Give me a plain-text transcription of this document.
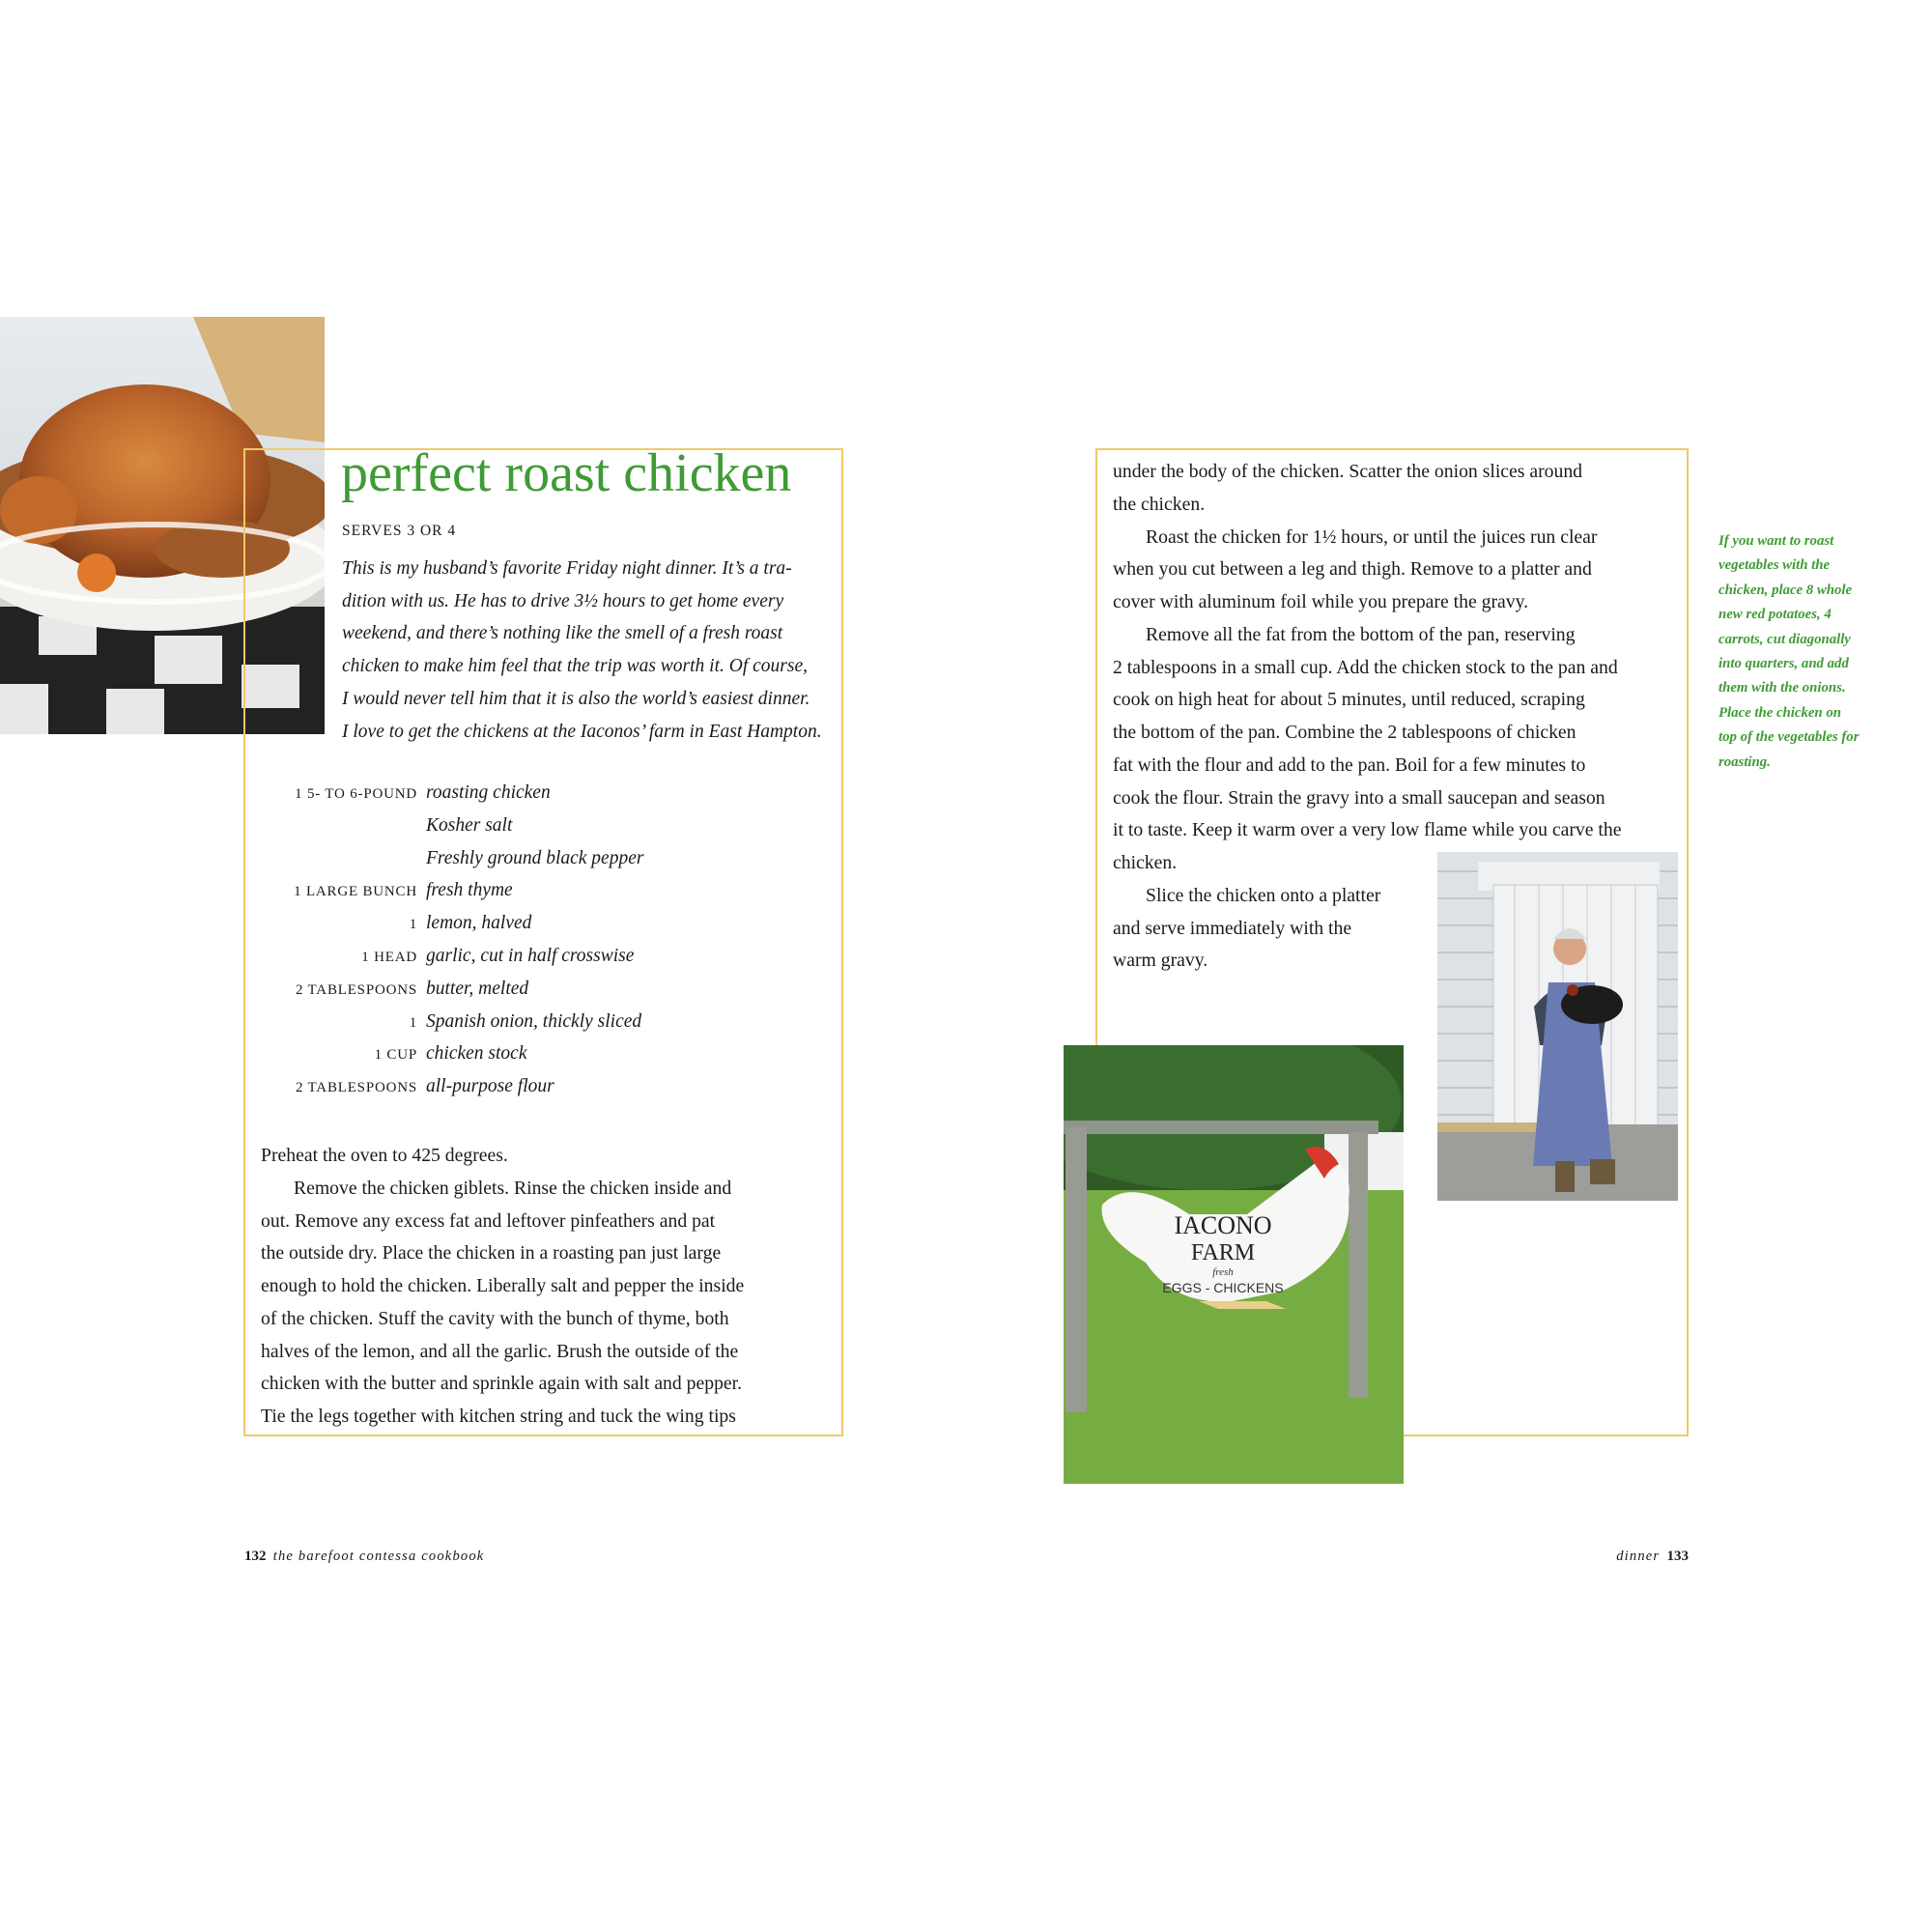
perfect roast chicken
SERVES 3 OR 4
This is my husband’s favorite Friday night dinner. It’s a tra-
dition with us. He has to drive 3½ hours to get home every
weekend, and there’s nothing like the smell of a fresh roast
chicken to make him feel that the trip was worth it. Of course,
I would never tell him that it is also the world’s easiest dinner.
I love to get the chickens at the Iaconos’ farm in East Hampton.
1 5- TO 6-POUND roasting chicken
Kosher salt
Freshly ground black pepper
1 LARGE BUNCH fresh thyme
1 lemon, halved
1 HEAD garlic, cut in half crosswise
2 TABLESPOONS butter, melted
1 Spanish onion, thickly sliced
1 CUP chicken stock
2 TABLESPOONS all-purpose flour
Preheat the oven to 425 degrees.
Remove the chicken giblets. Rinse the chicken inside and
out. Remove any excess fat and leftover pinfeathers and pat
the outside dry. Place the chicken in a roasting pan just large
enough to hold the chicken. Liberally salt and pepper the inside
of the chicken. Stuff the cavity with the bunch of thyme, both
halves of the lemon, and all the garlic. Brush the outside of the
chicken with the butter and sprinkle again with salt and pepper.
Tie the legs together with kitchen string and tuck the wing tips
under the body of the chicken. Scatter the onion slices around
the chicken.
Roast the chicken for 1½ hours, or until the juices run clear
when you cut between a leg and thigh. Remove to a platter and
cover with aluminum foil while you prepare the gravy.
Remove all the fat from the bottom of the pan, reserving
2 tablespoons in a small cup. Add the chicken stock to the pan and
cook on high heat for about 5 minutes, until reduced, scraping
the bottom of the pan. Combine the 2 tablespoons of chicken
fat with the flour and add to the pan. Boil for a few minutes to
cook the flour. Strain the gravy into a small saucepan and season
it to taste. Keep it warm over a very low flame while you carve the
chicken.
Slice the chicken onto a platter
and serve immediately with the
warm gravy.
IACONO
FARM
fresh
EGGS - CHICKENS
If you want to roast
vegetables with the
chicken, place 8 whole
new red potatoes, 4
carrots, cut diagonally
into quarters, and add
them with the onions.
Place the chicken on
top of the vegetables for
roasting.
132 the barefoot contessa cookbook	dinner 133
